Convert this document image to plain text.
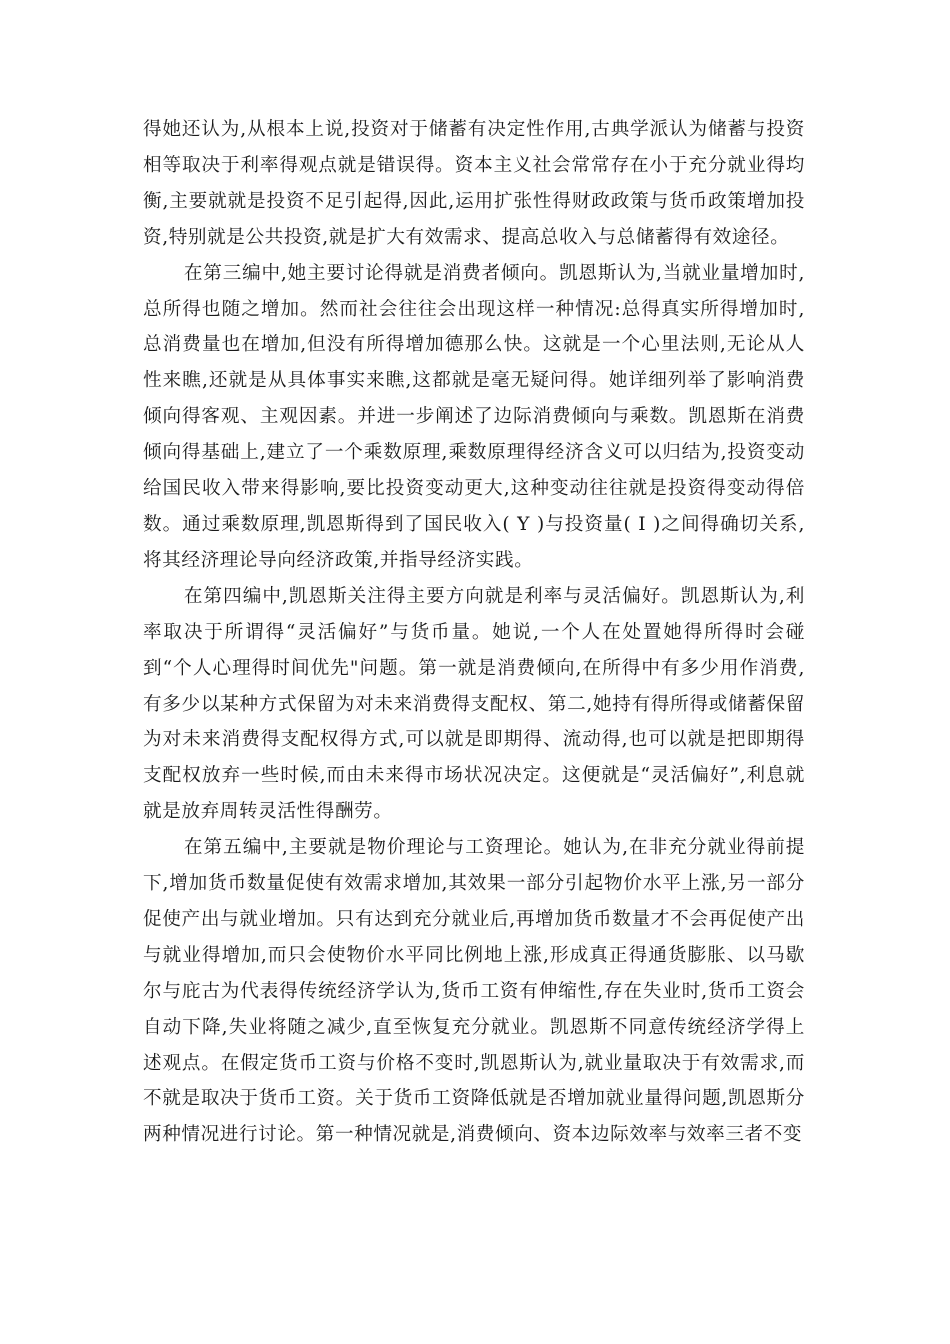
得她还认为,从根本上说,投资对于储蓄有决定性作用,古典学派认为储蓄与投资相等取决于利率得观点就是错误得。资本主义社会常常存在小于充分就业得均衡,主要就就是投资不足引起得,因此,运用扩张性得财政政策与货币政策增加投资,特别就是公共投资,就是扩大有效需求、提高总收入与总储蓄得有效途径。

在第三编中,她主要讨论得就是消费者倾向。凯恩斯认为,当就业量增加时,总所得也随之增加。然而社会往往会出现这样一种情况:总得真实所得增加时,总消费量也在增加,但没有所得增加德那么快。这就是一个心里法则,无论从人性来瞧,还就是从具体事实来瞧,这都就是毫无疑问得。她详细列举了影响消费倾向得客观、主观因素。并进一步阐述了边际消费倾向与乘数。凯恩斯在消费倾向得基础上,建立了一个乘数原理,乘数原理得经济含义可以归结为,投资变动给国民收入带来得影响,要比投资变动更大,这种变动往往就是投资得变动得倍数。通过乘数原理,凯恩斯得到了国民收入( Y )与投资量( I )之间得确切关系,将其经济理论导向经济政策,并指导经济实践。

在第四编中,凯恩斯关注得主要方向就是利率与灵活偏好。凯恩斯认为,利率取决于所谓得“灵活偏好”与货币量。她说,一个人在处置她得所得时会碰到“个人心理得时间优先"问题。第一就是消费倾向,在所得中有多少用作消费,有多少以某种方式保留为对未来消费得支配权、第二,她持有得所得或储蓄保留为对未来消费得支配权得方式,可以就是即期得、流动得,也可以就是把即期得支配权放弃一些时候,而由未来得市场状况决定。这便就是“灵活偏好”,利息就就是放弃周转灵活性得酬劳。

在第五编中,主要就是物价理论与工资理论。她认为,在非充分就业得前提下,增加货币数量促使有效需求增加,其效果一部分引起物价水平上涨,另一部分促使产出与就业增加。只有达到充分就业后,再增加货币数量才不会再促使产出与就业得增加,而只会使物价水平同比例地上涨,形成真正得通货膨胀、以马歇尔与庇古为代表得传统经济学认为,货币工资有伸缩性,存在失业时,货币工资会自动下降,失业将随之减少,直至恢复充分就业。凯恩斯不同意传统经济学得上述观点。在假定货币工资与价格不变时,凯恩斯认为,就业量取决于有效需求,而不就是取决于货币工资。关于货币工资降低就是否增加就业量得问题,凯恩斯分两种情况进行讨论。第一种情况就是,消费倾向、资本边际效率与效率三者不变
